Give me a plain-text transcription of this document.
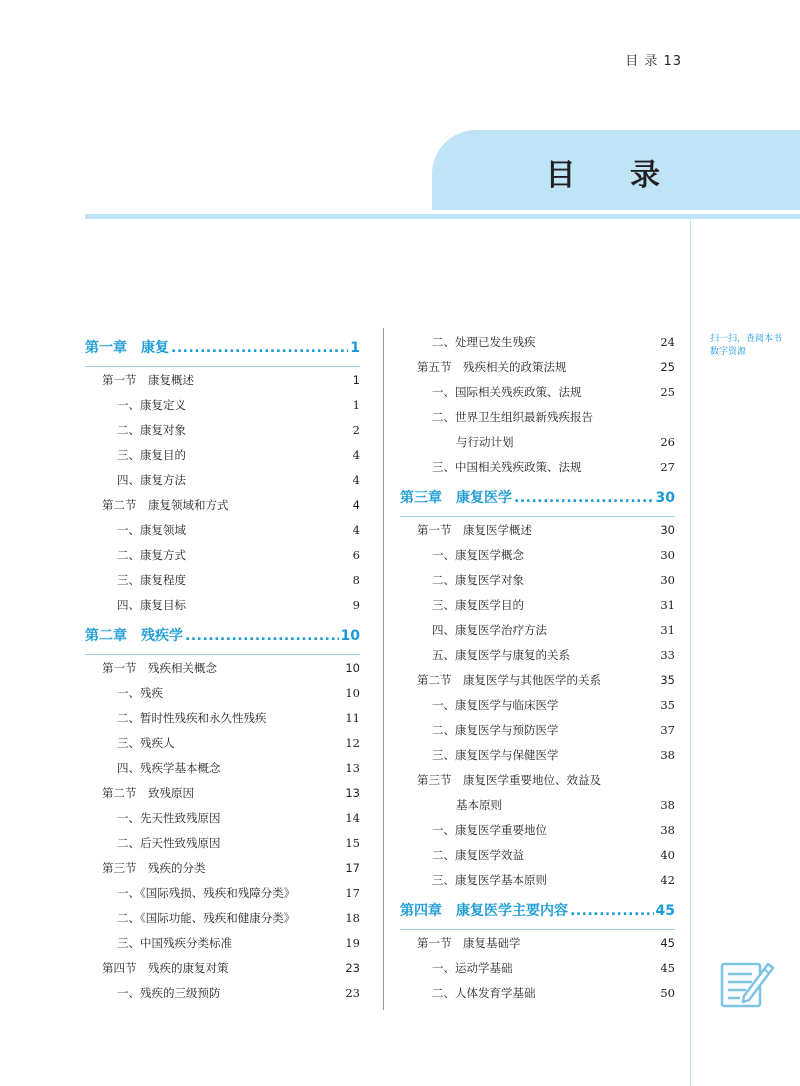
目 录 13
目 录
扫一扫，查阅本书数字资源
第一章　康复 .....	1
第一节　康复概述	1
一、康复定义	1
二、康复对象	2
三、康复目的	4
四、康复方法	4
第二节　康复领域和方式	4
一、康复领域	4
二、康复方式	6
三、康复程度	8
四、康复目标	9
第二章　残疾学 .....	10
第一节　残疾相关概念	10
一、残疾	10
二、暂时性残疾和永久性残疾	11
三、残疾人	12
四、残疾学基本概念	13
第二节　致残原因	13
一、先天性致残原因	14
二、后天性致残原因	15
第三节　残疾的分类	17
一、《国际残损、残疾和残障分类》	17
二、《国际功能、残疾和健康分类》	18
三、中国残疾分类标准	19
第四节　残疾的康复对策	23
一、残疾的三级预防	23
二、处理已发生残疾	24
第五节　残疾相关的政策法规	25
一、国际相关残疾政策、法规	25
二、世界卫生组织最新残疾报告
与行动计划	26
三、中国相关残疾政策、法规	27
第三章　康复医学 .....	30
第一节　康复医学概述	30
一、康复医学概念	30
二、康复医学对象	30
三、康复医学目的	31
四、康复医学治疗方法	31
五、康复医学与康复的关系	33
第二节　康复医学与其他医学的关系	35
一、康复医学与临床医学	35
二、康复医学与预防医学	37
三、康复医学与保健医学	38
第三节　康复医学重要地位、效益及
基本原则	38
一、康复医学重要地位	38
二、康复医学效益	40
三、康复医学基本原则	42
第四章　康复医学主要内容 .....	45
第一节　康复基础学	45
一、运动学基础	45
二、人体发育学基础	50
